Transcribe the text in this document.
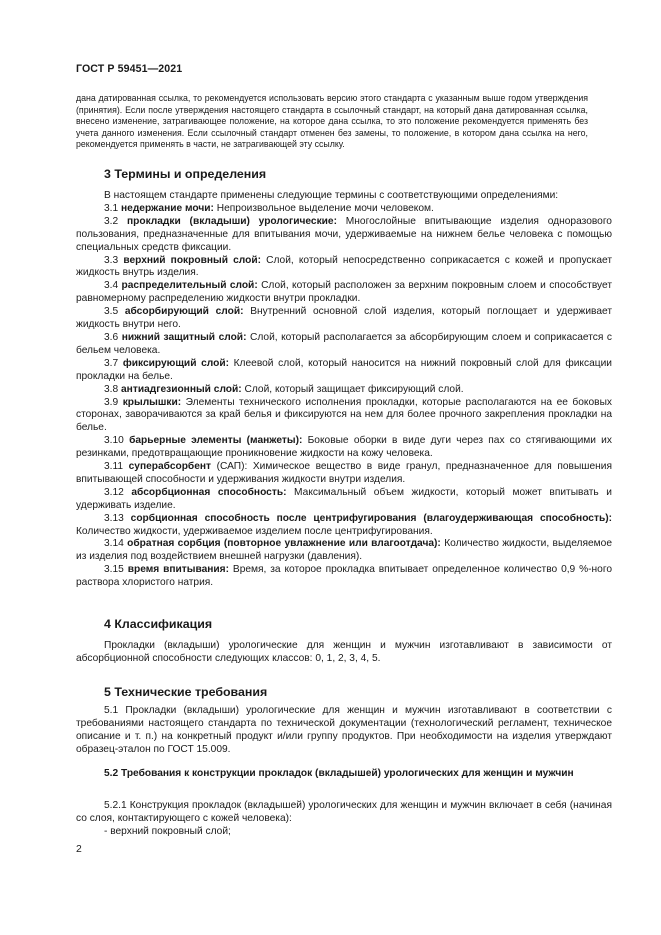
ГОСТ Р 59451—2021

дана датированная ссылка, то рекомендуется использовать версию этого стандарта с указанным выше годом утверждения (принятия). Если после утверждения настоящего стандарта в ссылочный стандарт, на который дана датированная ссылка, внесено изменение, затрагивающее положение, на которое дана ссылка, то это положение рекомендуется применять без учета данного изменения. Если ссылочный стандарт отменен без замены, то положение, в котором дана ссылка на него, рекомендуется применять в части, не затрагивающей эту ссылку.

3 Термины и определения

В настоящем стандарте применены следующие термины с соответствующими определениями:

3.1 недержание мочи: Непроизвольное выделение мочи человеком.

3.2 прокладки (вкладыши) урологические: Многослойные впитывающие изделия одноразового пользования, предназначенные для впитывания мочи, удерживаемые на нижнем белье человека с помощью специальных средств фиксации.

3.3 верхний покровный слой: Слой, который непосредственно соприкасается с кожей и пропускает жидкость внутрь изделия.

3.4 распределительный слой: Слой, который расположен за верхним покровным слоем и способствует равномерному распределению жидкости внутри прокладки.

3.5 абсорбирующий слой: Внутренний основной слой изделия, который поглощает и удерживает жидкость внутри него.

3.6 нижний защитный слой: Слой, который располагается за абсорбирующим слоем и соприкасается с бельем человека.

3.7 фиксирующий слой: Клеевой слой, который наносится на нижний покровный слой для фиксации прокладки на белье.

3.8 антиадгезионный слой: Слой, который защищает фиксирующий слой.

3.9 крылышки: Элементы технического исполнения прокладки, которые располагаются на ее боковых сторонах, заворачиваются за край белья и фиксируются на нем для более прочного закрепления прокладки на белье.

3.10 барьерные элементы (манжеты): Боковые оборки в виде дуги через пах со стягивающими их резинками, предотвращающие проникновение жидкости на кожу человека.

3.11 суперабсорбент (САП): Химическое вещество в виде гранул, предназначенное для повышения впитывающей способности и удерживания жидкости внутри изделия.

3.12 абсорбционная способность: Максимальный объем жидкости, который может впитывать и удерживать изделие.

3.13 сорбционная способность после центрифугирования (влагоудерживающая способность): Количество жидкости, удерживаемое изделием после центрифугирования.

3.14 обратная сорбция (повторное увлажнение или влагоотдача): Количество жидкости, выделяемое из изделия под воздействием внешней нагрузки (давления).

3.15 время впитывания: Время, за которое прокладка впитывает определенное количество 0,9 %-ного раствора хлористого натрия.

4 Классификация

Прокладки (вкладыши) урологические для женщин и мужчин изготавливают в зависимости от абсорбционной способности следующих классов: 0, 1, 2, 3, 4, 5.

5 Технические требования

5.1 Прокладки (вкладыши) урологические для женщин и мужчин изготавливают в соответствии с требованиями настоящего стандарта по технической документации (технологический регламент, техническое описание и т. п.) на конкретный продукт и/или группу продуктов. При необходимости на изделия утверждают образец-эталон по ГОСТ 15.009.

5.2 Требования к конструкции прокладок (вкладышей) урологических для женщин и мужчин

5.2.1 Конструкция прокладок (вкладышей) урологических для женщин и мужчин включает в себя (начиная со слоя, контактирующего с кожей человека):

- верхний покровный слой;

2
